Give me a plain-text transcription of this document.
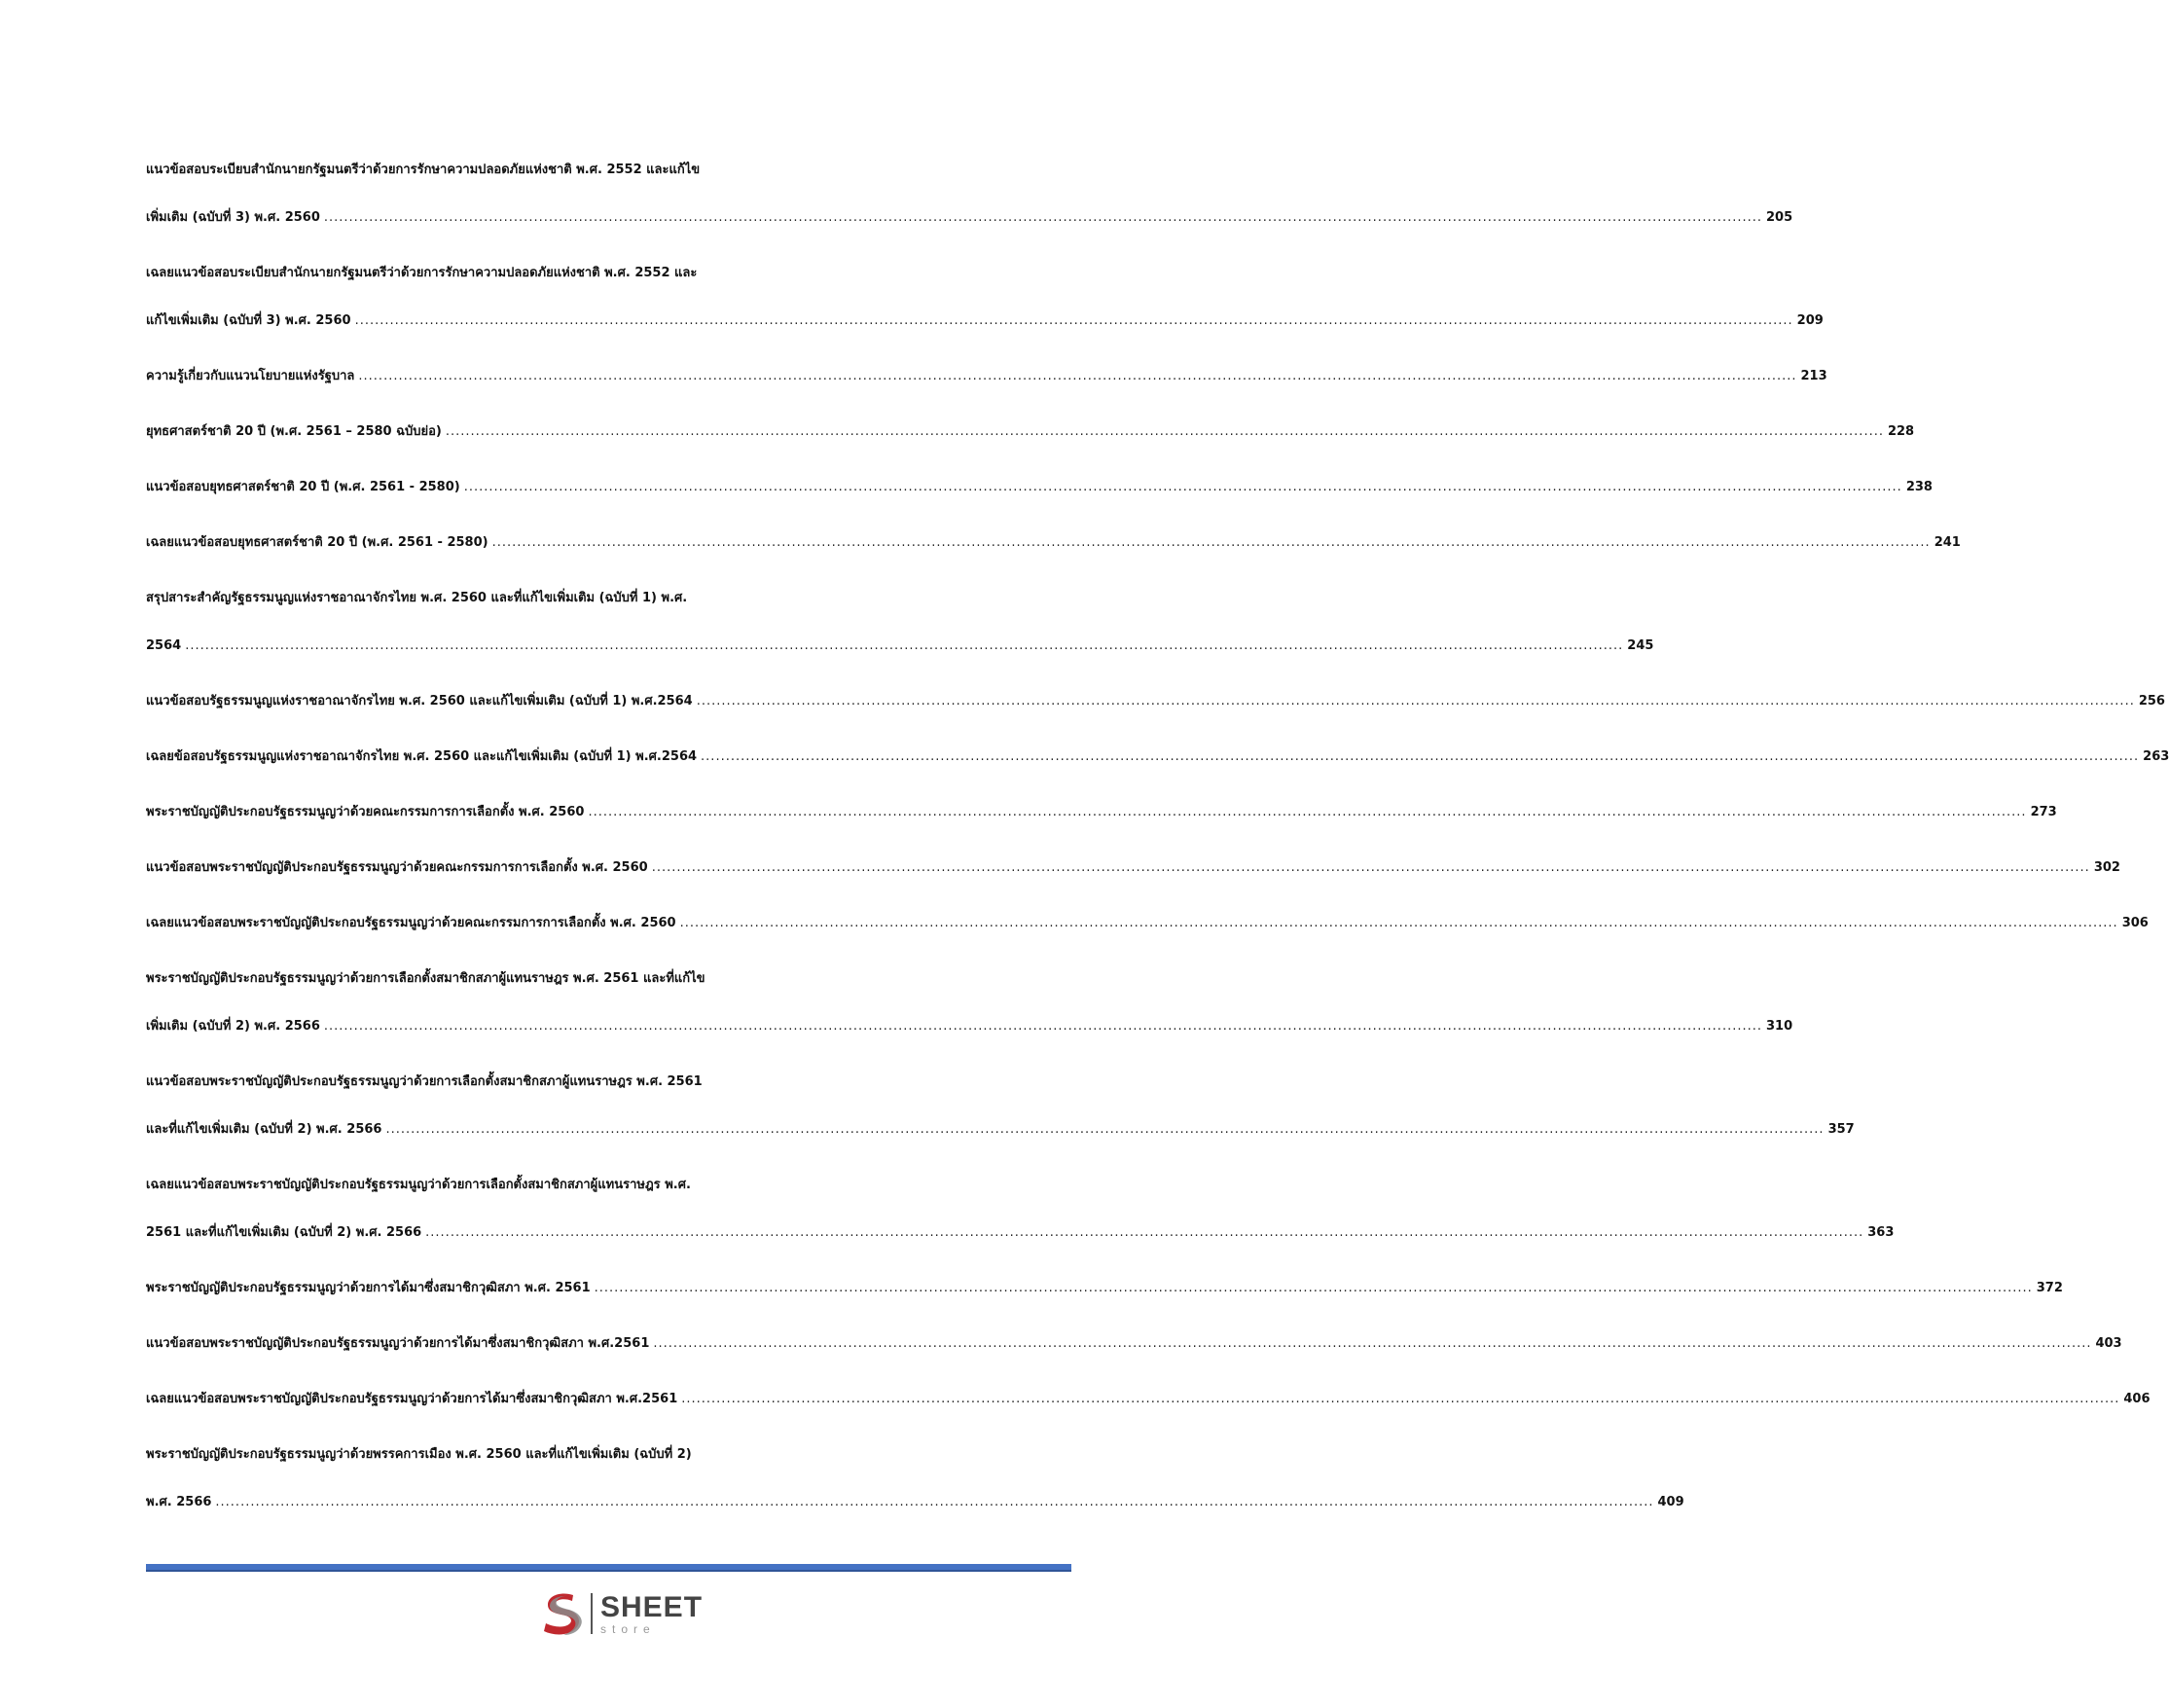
แนวข้อสอบระเบียบสำนักนายกรัฐมนตรีว่าด้วยการรักษาความปลอดภัยแห่งชาติ พ.ศ. 2552 และแก้ไข
เพิ่มเติม (ฉบับที่ 3) พ.ศ. 2560 .....	205
เฉลยแนวข้อสอบระเบียบสำนักนายกรัฐมนตรีว่าด้วยการรักษาความปลอดภัยแห่งชาติ พ.ศ. 2552 และ
แก้ไขเพิ่มเติม (ฉบับที่ 3) พ.ศ. 2560 .....	209
ความรู้เกี่ยวกับแนวนโยบายแห่งรัฐบาล .....	213
ยุทธศาสตร์ชาติ 20 ปี (พ.ศ. 2561 – 2580 ฉบับย่อ) .....	228
แนวข้อสอบยุทธศาสตร์ชาติ 20 ปี (พ.ศ. 2561 - 2580) .....	238
เฉลยแนวข้อสอบยุทธศาสตร์ชาติ 20 ปี (พ.ศ. 2561 - 2580) .....	241
สรุปสาระสำคัญรัฐธรรมนูญแห่งราชอาณาจักรไทย พ.ศ. 2560 และที่แก้ไขเพิ่มเติม (ฉบับที่ 1) พ.ศ.
2564 .....	245
แนวข้อสอบรัฐธรรมนูญแห่งราชอาณาจักรไทย พ.ศ. 2560 และแก้ไขเพิ่มเติม (ฉบับที่ 1) พ.ศ.2564 .....	256
เฉลยข้อสอบรัฐธรรมนูญแห่งราชอาณาจักรไทย พ.ศ. 2560 และแก้ไขเพิ่มเติม (ฉบับที่ 1) พ.ศ.2564 .....	263
พระราชบัญญัติประกอบรัฐธรรมนูญว่าด้วยคณะกรรมการการเลือกตั้ง พ.ศ. 2560 .....	273
แนวข้อสอบพระราชบัญญัติประกอบรัฐธรรมนูญว่าด้วยคณะกรรมการการเลือกตั้ง พ.ศ. 2560 .....	302
เฉลยแนวข้อสอบพระราชบัญญัติประกอบรัฐธรรมนูญว่าด้วยคณะกรรมการการเลือกตั้ง พ.ศ. 2560 .....	306
พระราชบัญญัติประกอบรัฐธรรมนูญว่าด้วยการเลือกตั้งสมาชิกสภาผู้แทนราษฎร พ.ศ. 2561 และที่แก้ไข
เพิ่มเติม (ฉบับที่ 2) พ.ศ. 2566 .....	310
แนวข้อสอบพระราชบัญญัติประกอบรัฐธรรมนูญว่าด้วยการเลือกตั้งสมาชิกสภาผู้แทนราษฎร พ.ศ. 2561
และที่แก้ไขเพิ่มเติม (ฉบับที่ 2) พ.ศ. 2566 .....	357
เฉลยแนวข้อสอบพระราชบัญญัติประกอบรัฐธรรมนูญว่าด้วยการเลือกตั้งสมาชิกสภาผู้แทนราษฎร พ.ศ.
2561 และที่แก้ไขเพิ่มเติม (ฉบับที่ 2) พ.ศ. 2566 .....	363
พระราชบัญญัติประกอบรัฐธรรมนูญว่าด้วยการได้มาซึ่งสมาชิกวุฒิสภา พ.ศ. 2561 .....	372
แนวข้อสอบพระราชบัญญัติประกอบรัฐธรรมนูญว่าด้วยการได้มาซึ่งสมาชิกวุฒิสภา พ.ศ.2561 .....	403
เฉลยแนวข้อสอบพระราชบัญญัติประกอบรัฐธรรมนูญว่าด้วยการได้มาซึ่งสมาชิกวุฒิสภา พ.ศ.2561 .....	406
พระราชบัญญัติประกอบรัฐธรรมนูญว่าด้วยพรรคการเมือง พ.ศ. 2560 และที่แก้ไขเพิ่มเติม (ฉบับที่ 2)
พ.ศ. 2566 .....	409
SHEET
store
